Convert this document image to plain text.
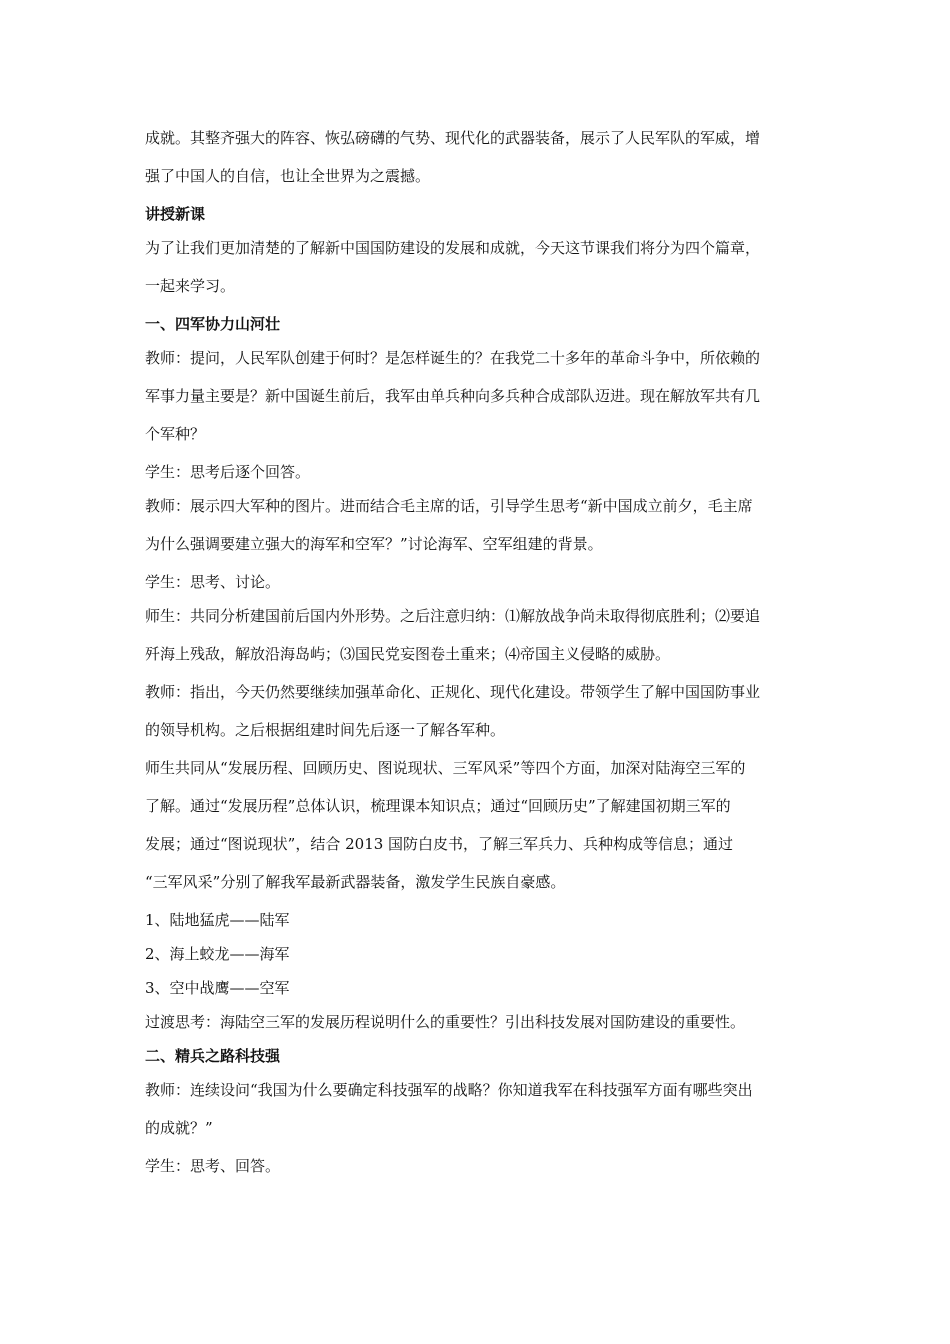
成就。其整齐强大的阵容、恢弘磅礴的气势、现代化的武器装备，展示了人民军队的军威，增
强了中国人的自信，也让全世界为之震撼。
讲授新课
为了让我们更加清楚的了解新中国国防建设的发展和成就，今天这节课我们将分为四个篇章，
一起来学习。
一、四军协力山河壮
教师：提问，人民军队创建于何时？是怎样诞生的？在我党二十多年的革命斗争中，所依赖的
军事力量主要是？新中国诞生前后，我军由单兵种向多兵种合成部队迈进。现在解放军共有几
个军种？
学生：思考后逐个回答。
教师：展示四大军种的图片。进而结合毛主席的话，引导学生思考“新中国成立前夕，毛主席
为什么强调要建立强大的海军和空军？”讨论海军、空军组建的背景。
学生：思考、讨论。
师生：共同分析建国前后国内外形势。之后注意归纳：⑴解放战争尚未取得彻底胜利；⑵要追
歼海上残敌，解放沿海岛屿；⑶国民党妄图卷土重来；⑷帝国主义侵略的威胁。
教师：指出，今天仍然要继续加强革命化、正规化、现代化建设。带领学生了解中国国防事业
的领导机构。之后根据组建时间先后逐一了解各军种。
师生共同从“发展历程、回顾历史、图说现状、三军风采”等四个方面，加深对陆海空三军的
了解。通过“发展历程”总体认识，梳理课本知识点；通过“回顾历史”了解建国初期三军的
发展；通过“图说现状”，结合 2013 国防白皮书，了解三军兵力、兵种构成等信息；通过
“三军风采”分别了解我军最新武器装备，激发学生民族自豪感。
1、陆地猛虎——陆军
2、海上蛟龙——海军
3、空中战鹰——空军
过渡思考：海陆空三军的发展历程说明什么的重要性？引出科技发展对国防建设的重要性。
二、精兵之路科技强
教师：连续设问“我国为什么要确定科技强军的战略？你知道我军在科技强军方面有哪些突出
的成就？”
学生：思考、回答。
